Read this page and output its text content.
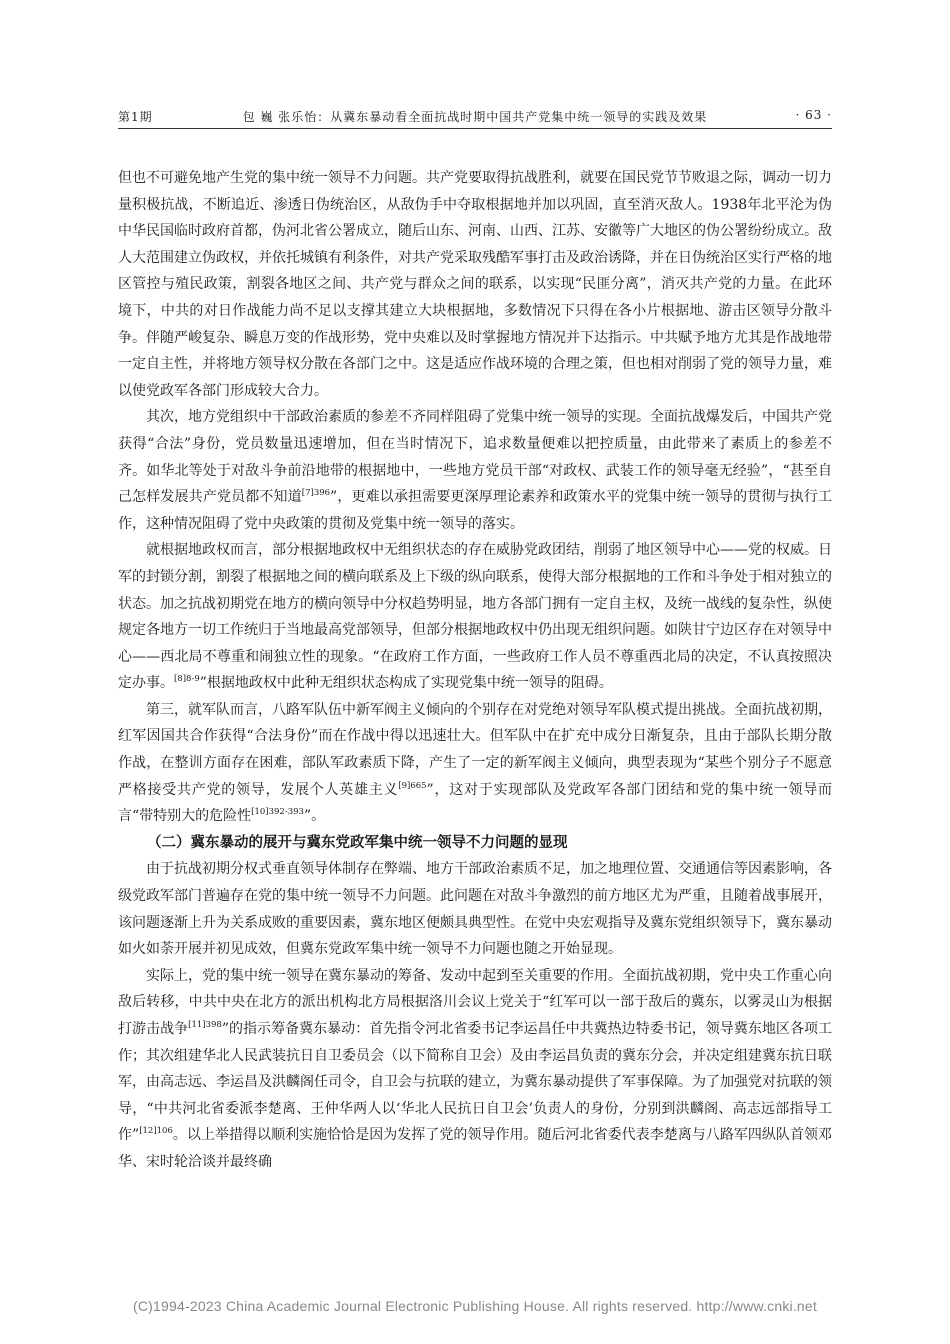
第1期	包 巍 张乐怡：从冀东暴动看全面抗战时期中国共产党集中统一领导的实践及效果	· 63 ·

但也不可避免地产生党的集中统一领导不力问题。共产党要取得抗战胜利，就要在国民党节节败退之际，调动一切力量积极抗战，不断追近、渗透日伪统治区，从敌伪手中夺取根据地并加以巩固，直至消灭敌人。1938年北平沦为伪中华民国临时政府首都，伪河北省公署成立，随后山东、河南、山西、江苏、安徽等广大地区的伪公署纷纷成立。敌人大范围建立伪政权，并依托城镇有利条件，对共产党采取残酷军事打击及政治诱降，并在日伪统治区实行严格的地区管控与殖民政策，割裂各地区之间、共产党与群众之间的联系，以实现“民匪分离”，消灭共产党的力量。在此环境下，中共的对日作战能力尚不足以支撑其建立大块根据地，多数情况下只得在各小片根据地、游击区领导分散斗争。伴随严峻复杂、瞬息万变的作战形势，党中央难以及时掌握地方情况并下达指示。中共赋予地方尤其是作战地带一定自主性，并将地方领导权分散在各部门之中。这是适应作战环境的合理之策，但也相对削弱了党的领导力量，难以使党政军各部门形成较大合力。

其次，地方党组织中干部政治素质的参差不齐同样阻碍了党集中统一领导的实现。全面抗战爆发后，中国共产党获得“合法”身份，党员数量迅速增加，但在当时情况下，追求数量便难以把控质量，由此带来了素质上的参差不齐。如华北等处于对敌斗争前沿地带的根据地中，一些地方党员干部“对政权、武装工作的领导毫无经验”，“甚至自己怎样发展共产党员都不知道$^{[7]396}$”，更难以承担需要更深厚理论素养和政策水平的党集中统一领导的贯彻与执行工作，这种情况阻碍了党中央政策的贯彻及党集中统一领导的落实。

就根据地政权而言，部分根据地政权中无组织状态的存在威胁党政团结，削弱了地区领导中心——党的权威。日军的封锁分割，割裂了根据地之间的横向联系及上下级的纵向联系，使得大部分根据地的工作和斗争处于相对独立的状态。加之抗战初期党在地方的横向领导中分权趋势明显，地方各部门拥有一定自主权，及统一战线的复杂性，纵使规定各地方一切工作统归于当地最高党部领导，但部分根据地政权中仍出现无组织问题。如陕甘宁边区存在对领导中心——西北局不尊重和闹独立性的现象。“在政府工作方面，一些政府工作人员不尊重西北局的决定，不认真按照决定办事。$^{[8]8-9}$”根据地政权中此种无组织状态构成了实现党集中统一领导的阻碍。

第三，就军队而言，八路军队伍中新军阀主义倾向的个别存在对党绝对领导军队模式提出挑战。全面抗战初期，红军因国共合作获得“合法身份”而在作战中得以迅速壮大。但军队中在扩充中成分日渐复杂，且由于部队长期分散作战，在整训方面存在困难，部队军政素质下降，产生了一定的新军阀主义倾向，典型表现为“某些个别分子不愿意严格接受共产党的领导，发展个人英雄主义$^{[9]665}$”，这对于实现部队及党政军各部门团结和党的集中统一领导而言“带特别大的危险性$^{[10]392-393}$”。

（二）冀东暴动的展开与冀东党政军集中统一领导不力问题的显现

由于抗战初期分权式垂直领导体制存在弊端、地方干部政治素质不足，加之地理位置、交通通信等因素影响，各级党政军部门普遍存在党的集中统一领导不力问题。此问题在对敌斗争激烈的前方地区尤为严重，且随着战事展开，该问题逐渐上升为关系成败的重要因素，冀东地区便颇具典型性。在党中央宏观指导及冀东党组织领导下，冀东暴动如火如荼开展并初见成效，但冀东党政军集中统一领导不力问题也随之开始显现。

实际上，党的集中统一领导在冀东暴动的筹备、发动中起到至关重要的作用。全面抗战初期，党中央工作重心向敌后转移，中共中央在北方的派出机构北方局根据洛川会议上党关于“红军可以一部于敌后的冀东，以雾灵山为根据打游击战争$^{[11]398}$”的指示筹备冀东暴动：首先指令河北省委书记李运昌任中共冀热边特委书记，领导冀东地区各项工作；其次组建华北人民武装抗日自卫委员会（以下简称自卫会）及由李运昌负责的冀东分会，并决定组建冀东抗日联军，由高志远、李运昌及洪麟阁任司令，自卫会与抗联的建立，为冀东暴动提供了军事保障。为了加强党对抗联的领导，“中共河北省委派李楚离、王仲华两人以‘华北人民抗日自卫会’负责人的身份，分别到洪麟阁、高志远部指导工作”$^{[12]106}$。以上举措得以顺利实施恰恰是因为发挥了党的领导作用。随后河北省委代表李楚离与八路军四纵队首领邓华、宋时轮洽谈并最终确

(C)1994-2023 China Academic Journal Electronic Publishing House. All rights reserved. http://www.cnki.net
